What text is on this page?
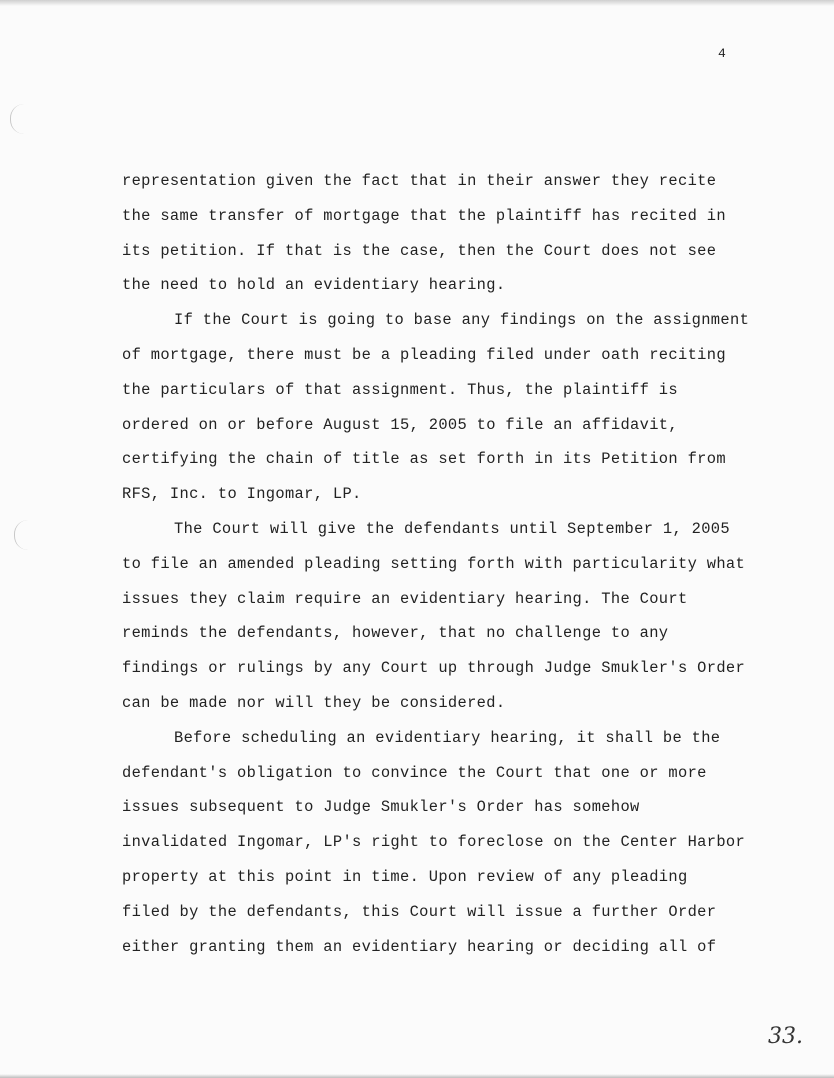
4
representation given the fact that in their answer they recite
the same transfer of mortgage that the plaintiff has recited in
its petition. If that is the case, then the Court does not see
the need to hold an evidentiary hearing.
If the Court is going to base any findings on the assignment
of mortgage, there must be a pleading filed under oath reciting
the particulars of that assignment. Thus, the plaintiff is
ordered on or before August 15, 2005 to file an affidavit,
certifying the chain of title as set forth in its Petition from
RFS, Inc. to Ingomar, LP.
The Court will give the defendants until September 1, 2005
to file an amended pleading setting forth with particularity what
issues they claim require an evidentiary hearing. The Court
reminds the defendants, however, that no challenge to any
findings or rulings by any Court up through Judge Smukler's Order
can be made nor will they be considered.
Before scheduling an evidentiary hearing, it shall be the
defendant's obligation to convince the Court that one or more
issues subsequent to Judge Smukler's Order has somehow
invalidated Ingomar, LP's right to foreclose on the Center Harbor
property at this point in time. Upon review of any pleading
filed by the defendants, this Court will issue a further Order
either granting them an evidentiary hearing or deciding all of
33.
